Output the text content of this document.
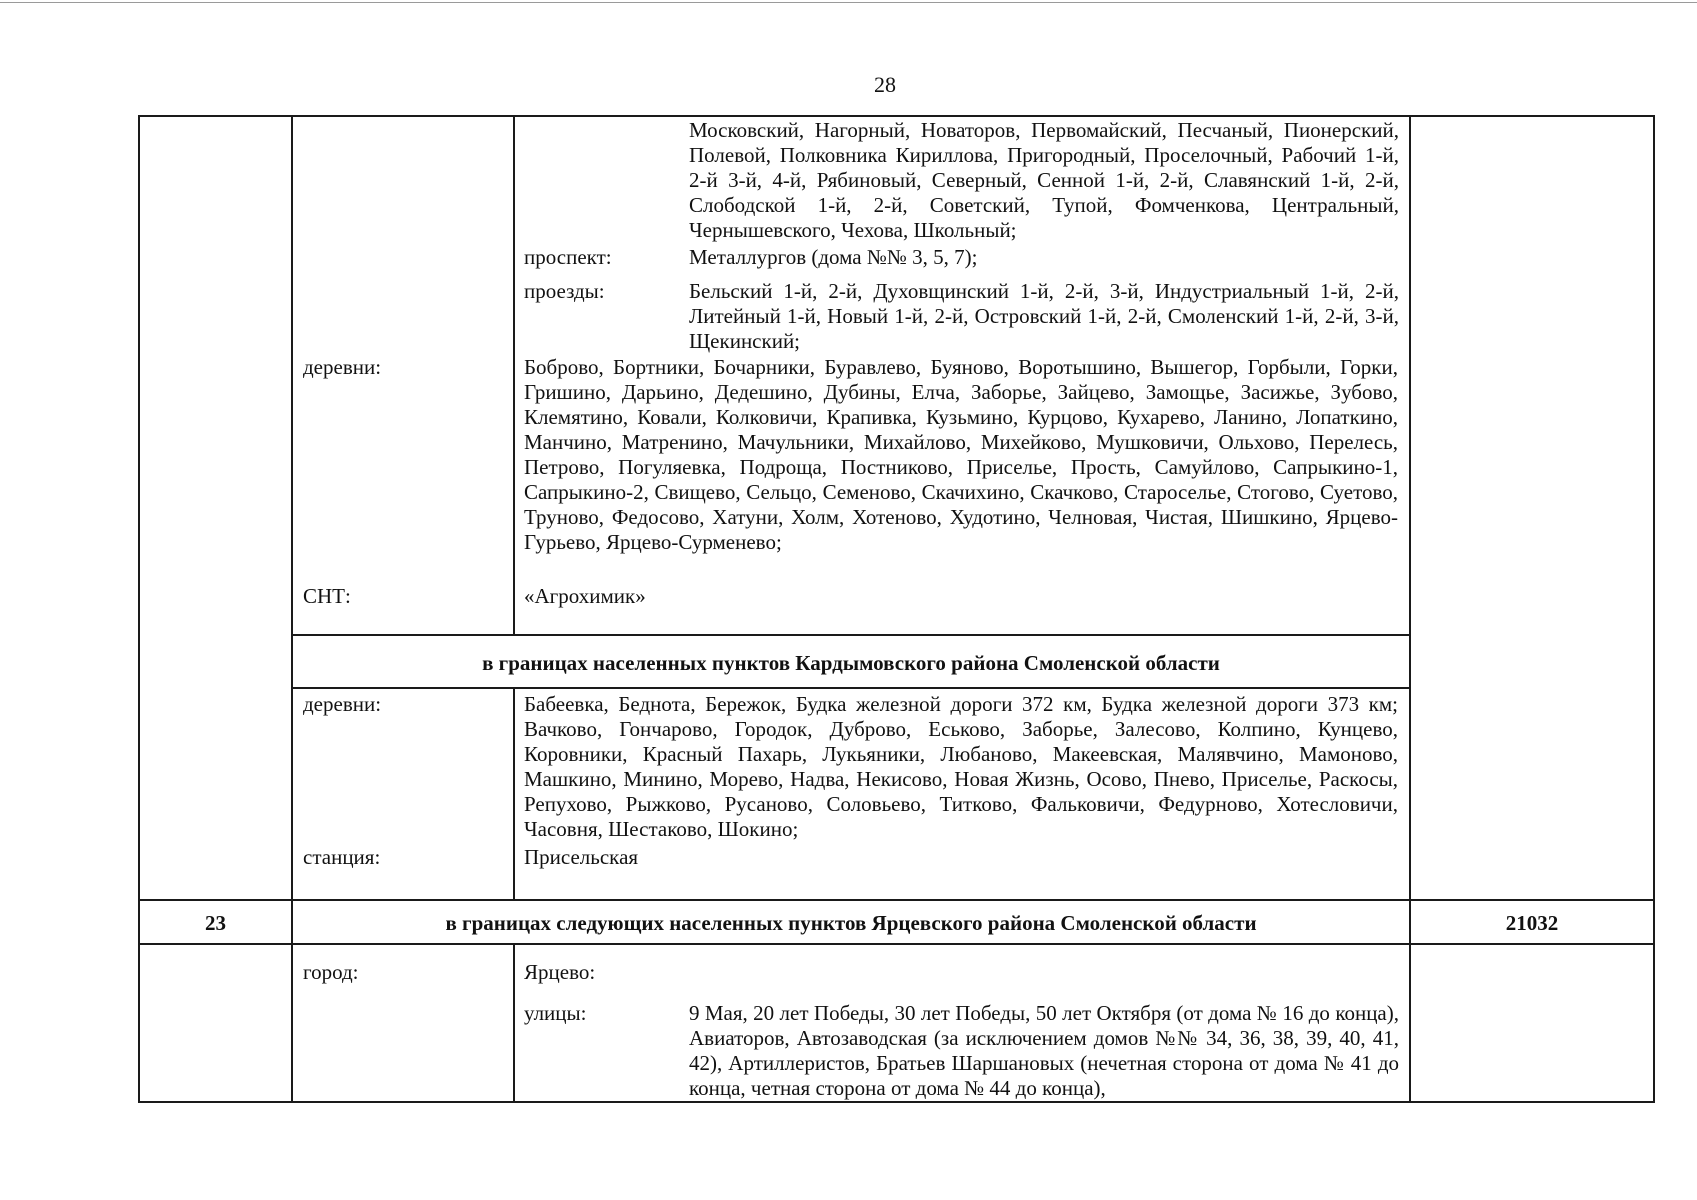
28
Московский, Нагорный, Новаторов, Первомайский, Песчаный, Пионерский, Полевой, Полковника Кириллова, Пригородный, Проселочный, Рабочий 1-й, 2-й 3-й, 4-й, Рябиновый, Северный, Сенной 1-й, 2-й, Славянский 1-й, 2-й, Слободской 1-й, 2-й, Советский, Тупой, Фомченкова, Центральный, Чернышевского, Чехова, Школьный;
проспект:	Металлургов (дома №№ 3, 5, 7);
проезды:	Бельский 1-й, 2-й, Духовщинский 1-й, 2-й, 3-й, Индустриальный 1-й, 2-й, Литейный 1-й, Новый 1-й, 2-й, Островский 1-й, 2-й, Смоленский 1-й, 2-й, 3-й, Щекинский;
деревни:	Боброво, Бортники, Бочарники, Буравлево, Буяново, Воротышино, Вышегор, Горбыли, Горки, Гришино, Дарьино, Дедешино, Дубины, Елча, Заборье, Зайцево, Замощье, Засижье, Зубово, Клемятино, Ковали, Колковичи, Крапивка, Кузьмино, Курцово, Кухарево, Ланино, Лопаткино, Манчино, Матренино, Мачульники, Михайлово, Михейково, Мушковичи, Ольхово, Перелесь, Петрово, Погуляевка, Подроща, Постниково, Приселье, Прость, Самуйлово, Сапрыкино-1, Сапрыкино-2, Свищево, Сельцо, Семеново, Скачихино, Скачково, Староселье, Стогово, Суетово, Труново, Федосово, Хатуни, Холм, Хотеново, Худотино, Челновая, Чистая, Шишкино, Ярцево-Гурьево, Ярцево-Сурменево;
СНТ:	«Агрохимик»
в границах населенных пунктов Кардымовского района Смоленской области
деревни:	Бабеевка, Беднота, Бережок, Будка железной дороги 372 км, Будка железной дороги 373 км; Вачково, Гончарово, Городок, Дуброво, Еськово, Заборье, Залесово, Колпино, Кунцево, Коровники, Красный Пахарь, Лукьяники, Любаново, Макеевская, Малявчино, Мамоново, Машкино, Минино, Морево, Надва, Некисово, Новая Жизнь, Осово, Пнево, Приселье, Раскосы, Репухово, Рыжково, Русаново, Соловьево, Титково, Фальковичи, Федурново, Хотесловичи, Часовня, Шестаково, Шокино;
станция:	Присельская
23	в границах следующих населенных пунктов Ярцевского района Смоленской области	21032
город:	Ярцево:
улицы:	9 Мая, 20 лет Победы, 30 лет Победы, 50 лет Октября (от дома № 16 до конца), Авиаторов, Автозаводская (за исключением домов №№ 34, 36, 38, 39, 40, 41, 42), Артиллеристов, Братьев Шаршановых (нечетная сторона от дома № 41 до конца, четная сторона от дома № 44 до конца),
